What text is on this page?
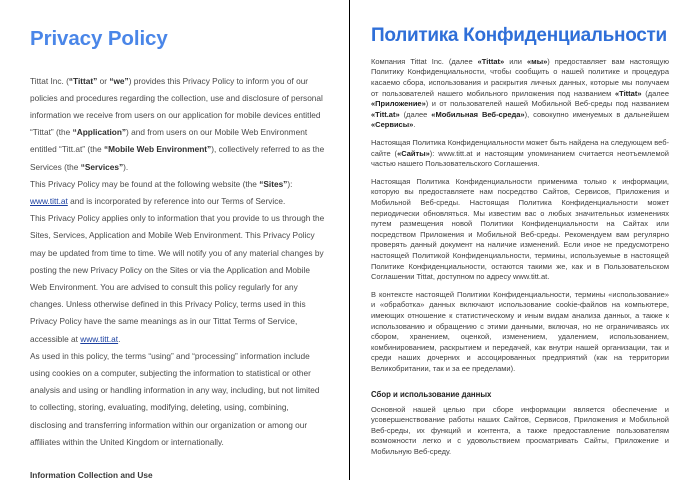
Privacy Policy

Tittat Inc. (“Tittat” or “we”) provides this Privacy Policy to inform you of our policies and procedures regarding the collection, use and disclosure of personal information we receive from users on our application for mobile devices entitled “Tittat” (the “Application”) and from users on our Mobile Web Environment entitled “Titt.at” (the “Mobile Web Environment”), collectively referred to as the Services (the “Services”).

This Privacy Policy may be found at the following website (the “Sites”): www.titt.at and is incorporated by reference into our Terms of Service.

This Privacy Policy applies only to information that you provide to us through the Sites, Services, Application and Mobile Web Environment. This Privacy Policy may be updated from time to time. We will notify you of any material changes by posting the new Privacy Policy on the Sites or via the Application and Mobile Web Environment. You are advised to consult this policy regularly for any changes. Unless otherwise defined in this Privacy Policy, terms used in this Privacy Policy have the same meanings as in our Tittat Terms of Service, accessible at www.titt.at.

As used in this policy, the terms “using” and “processing” information include using cookies on a computer, subjecting the information to statistical or other analysis and using or handling information in any way, including, but not limited to collecting, storing, evaluating, modifying, deleting, using, combining, disclosing and transferring information within our organization or among our affiliates within the United Kingdom or internationally.

Information Collection and Use
Политика Конфиденциальности

Компания Tittat Inc. (далее «Tittat» или «мы») предоставляет вам настоящую Политику Конфиденциальности, чтобы сообщить о нашей политике и процедура касаемо сбора, использования и раскрытия личных данных, которые мы получаем от пользователей нашего мобильного приложения под названием «Tittat» (далее «Приложение») и от пользователей нашей Мобильной Веб-среды под названием «Titt.at» (далее «Мобильная Веб-среда»), совокупно именуемых в дальнейшем «Сервисы».

Настоящая Политика Конфиденциальности может быть найдена на следующем веб-сайте («Сайты»): www.titt.at и настоящим упоминанием считается неотъемлемой частью нашего Пользовательского Соглашения.

Настоящая Политика Конфиденциальности применима только к информации, которую вы предоставляете нам посредство Сайтов, Сервисов, Приложения и Мобильной Веб-среды. Настоящая Политика Конфиденциальности может периодически обновляться. Мы известим вас о любых значительных изменениях путем размещения новой Политики Конфиденциальности на Сайтах или посредством Приложения и Мобильной Веб-среды. Рекомендуем вам регулярно проверять данный документ на наличие изменений. Если иное не предусмотрено настоящей Политикой Конфиденциальности, термины, используемые в настоящей Политике Конфиденциальности, остаются такими же, как и в Пользовательском Соглашении Tittat, доступном по адресу www.titt.at.

В контексте настоящей Политики Конфиденциальности, термины «использование» и «обработка» данных включают использование cookie-файлов на компьютере, имеющих отношение к статистическому и иным видам анализа данных, а также к использованию и обращению с этими данными, включая, но не ограничиваясь их сбором, хранением, оценкой, изменением, удалением, использованием, комбинированием, раскрытием и передачей, как внутри нашей организации, так и среди наших дочерних и ассоцированных предприятий (как на территории Великобритании, так и за ее пределами).

Сбор и использование данных

Основной нашей целью при сборе информации является обеспечение и усовершенствование работы наших Сайтов, Сервисов, Приложения и Мобильной Веб-среды, их функций и контента, а также предоставление пользователям возможности легко и с удовольствием просматривать Сайты, Приложение и Мобильную Веб-среду.
